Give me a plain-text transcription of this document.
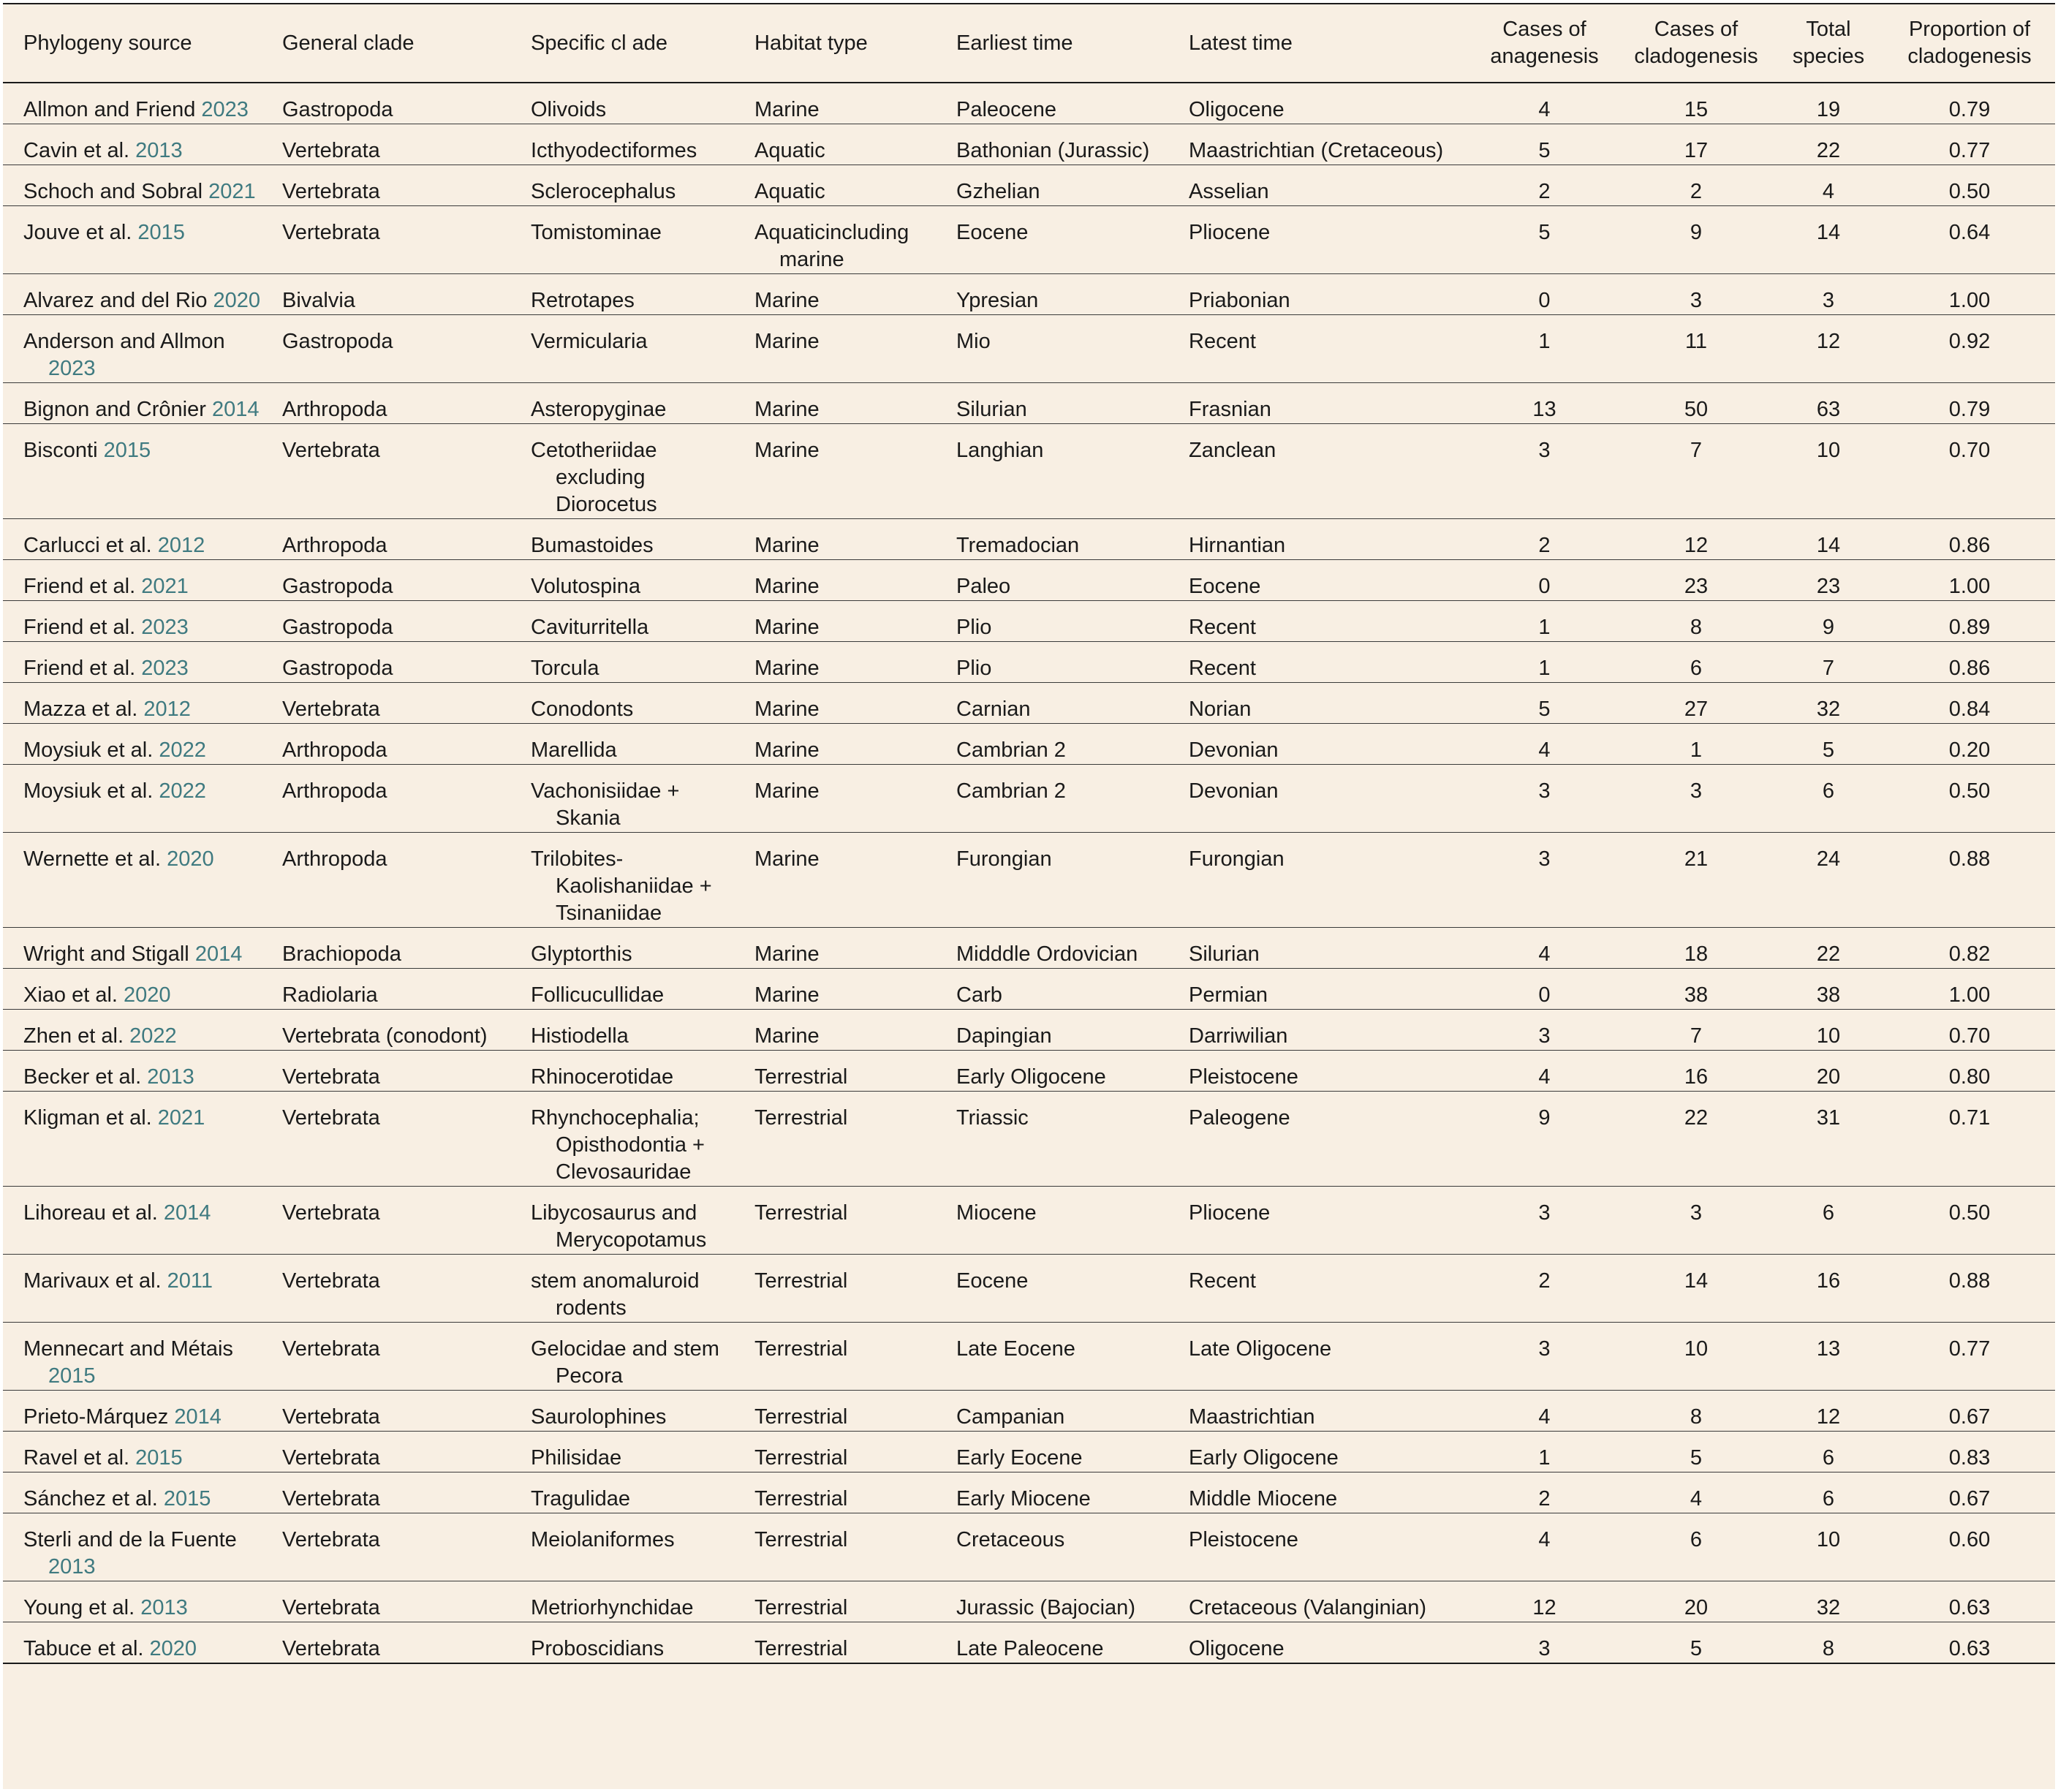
Phylogeny source	General clade	Specific cl ade	Habitat type	Earliest time	Latest time	Cases of anagenesis	Cases of cladogenesis	Total species	Proportion of cladogenesis

Allmon and Friend 2023	Gastropoda	Olivoids	Marine	Paleocene	Oligocene	4	15	19	0.79

Cavin et al. 2013	Vertebrata	Icthyodectiformes	Aquatic	Bathonian (Jurassic)	Maastrichtian (Cretaceous)	5	17	22	0.77

Schoch and Sobral 2021	Vertebrata	Sclerocephalus	Aquatic	Gzhelian	Asselian	2	2	4	0.50

Jouve et al. 2015	Vertebrata	Tomistominae	Aquaticincluding marine	Eocene	Pliocene	5	9	14	0.64

Alvarez and del Rio 2020	Bivalvia	Retrotapes	Marine	Ypresian	Priabonian	0	3	3	1.00

Anderson and Allmon 2023	Gastropoda	Vermicularia	Marine	Mio	Recent	1	11	12	0.92

Bignon and Crônier 2014	Arthropoda	Asteropyginae	Marine	Silurian	Frasnian	13	50	63	0.79

Bisconti 2015	Vertebrata	Cetotheriidae excluding Diorocetus	Marine	Langhian	Zanclean	3	7	10	0.70

Carlucci et al. 2012	Arthropoda	Bumastoides	Marine	Tremadocian	Hirnantian	2	12	14	0.86

Friend et al. 2021	Gastropoda	Volutospina	Marine	Paleo	Eocene	0	23	23	1.00

Friend et al. 2023	Gastropoda	Caviturritella	Marine	Plio	Recent	1	8	9	0.89

Friend et al. 2023	Gastropoda	Torcula	Marine	Plio	Recent	1	6	7	0.86

Mazza et al. 2012	Vertebrata	Conodonts	Marine	Carnian	Norian	5	27	32	0.84

Moysiuk et al. 2022	Arthropoda	Marellida	Marine	Cambrian 2	Devonian	4	1	5	0.20

Moysiuk et al. 2022	Arthropoda	Vachonisiidae + Skania	Marine	Cambrian 2	Devonian	3	3	6	0.50

Wernette et al. 2020	Arthropoda	Trilobites-Kaolishaniidae + Tsinaniidae	Marine	Furongian	Furongian	3	21	24	0.88

Wright and Stigall 2014	Brachiopoda	Glyptorthis	Marine	Midddle Ordovician	Silurian	4	18	22	0.82

Xiao et al. 2020	Radiolaria	Follicucullidae	Marine	Carb	Permian	0	38	38	1.00

Zhen et al. 2022	Vertebrata (conodont)	Histiodella	Marine	Dapingian	Darriwilian	3	7	10	0.70

Becker et al. 2013	Vertebrata	Rhinocerotidae	Terrestrial	Early Oligocene	Pleistocene	4	16	20	0.80

Kligman et al. 2021	Vertebrata	Rhynchocephalia; Opisthodontia + Clevosauridae	Terrestrial	Triassic	Paleogene	9	22	31	0.71

Lihoreau et al. 2014	Vertebrata	Libycosaurus and Merycopotamus	Terrestrial	Miocene	Pliocene	3	3	6	0.50

Marivaux et al. 2011	Vertebrata	stem anomaluroid rodents	Terrestrial	Eocene	Recent	2	14	16	0.88

Mennecart and Métais 2015	Vertebrata	Gelocidae and stem Pecora	Terrestrial	Late Eocene	Late Oligocene	3	10	13	0.77

Prieto-Márquez 2014	Vertebrata	Saurolophines	Terrestrial	Campanian	Maastrichtian	4	8	12	0.67

Ravel et al. 2015	Vertebrata	Philisidae	Terrestrial	Early Eocene	Early Oligocene	1	5	6	0.83

Sánchez et al. 2015	Vertebrata	Tragulidae	Terrestrial	Early Miocene	Middle Miocene	2	4	6	0.67

Sterli and de la Fuente 2013	Vertebrata	Meiolaniformes	Terrestrial	Cretaceous	Pleistocene	4	6	10	0.60

Young et al. 2013	Vertebrata	Metriorhynchidae	Terrestrial	Jurassic (Bajocian)	Cretaceous (Valanginian)	12	20	32	0.63

Tabuce et al. 2020	Vertebrata	Proboscidians	Terrestrial	Late Paleocene	Oligocene	3	5	8	0.63
